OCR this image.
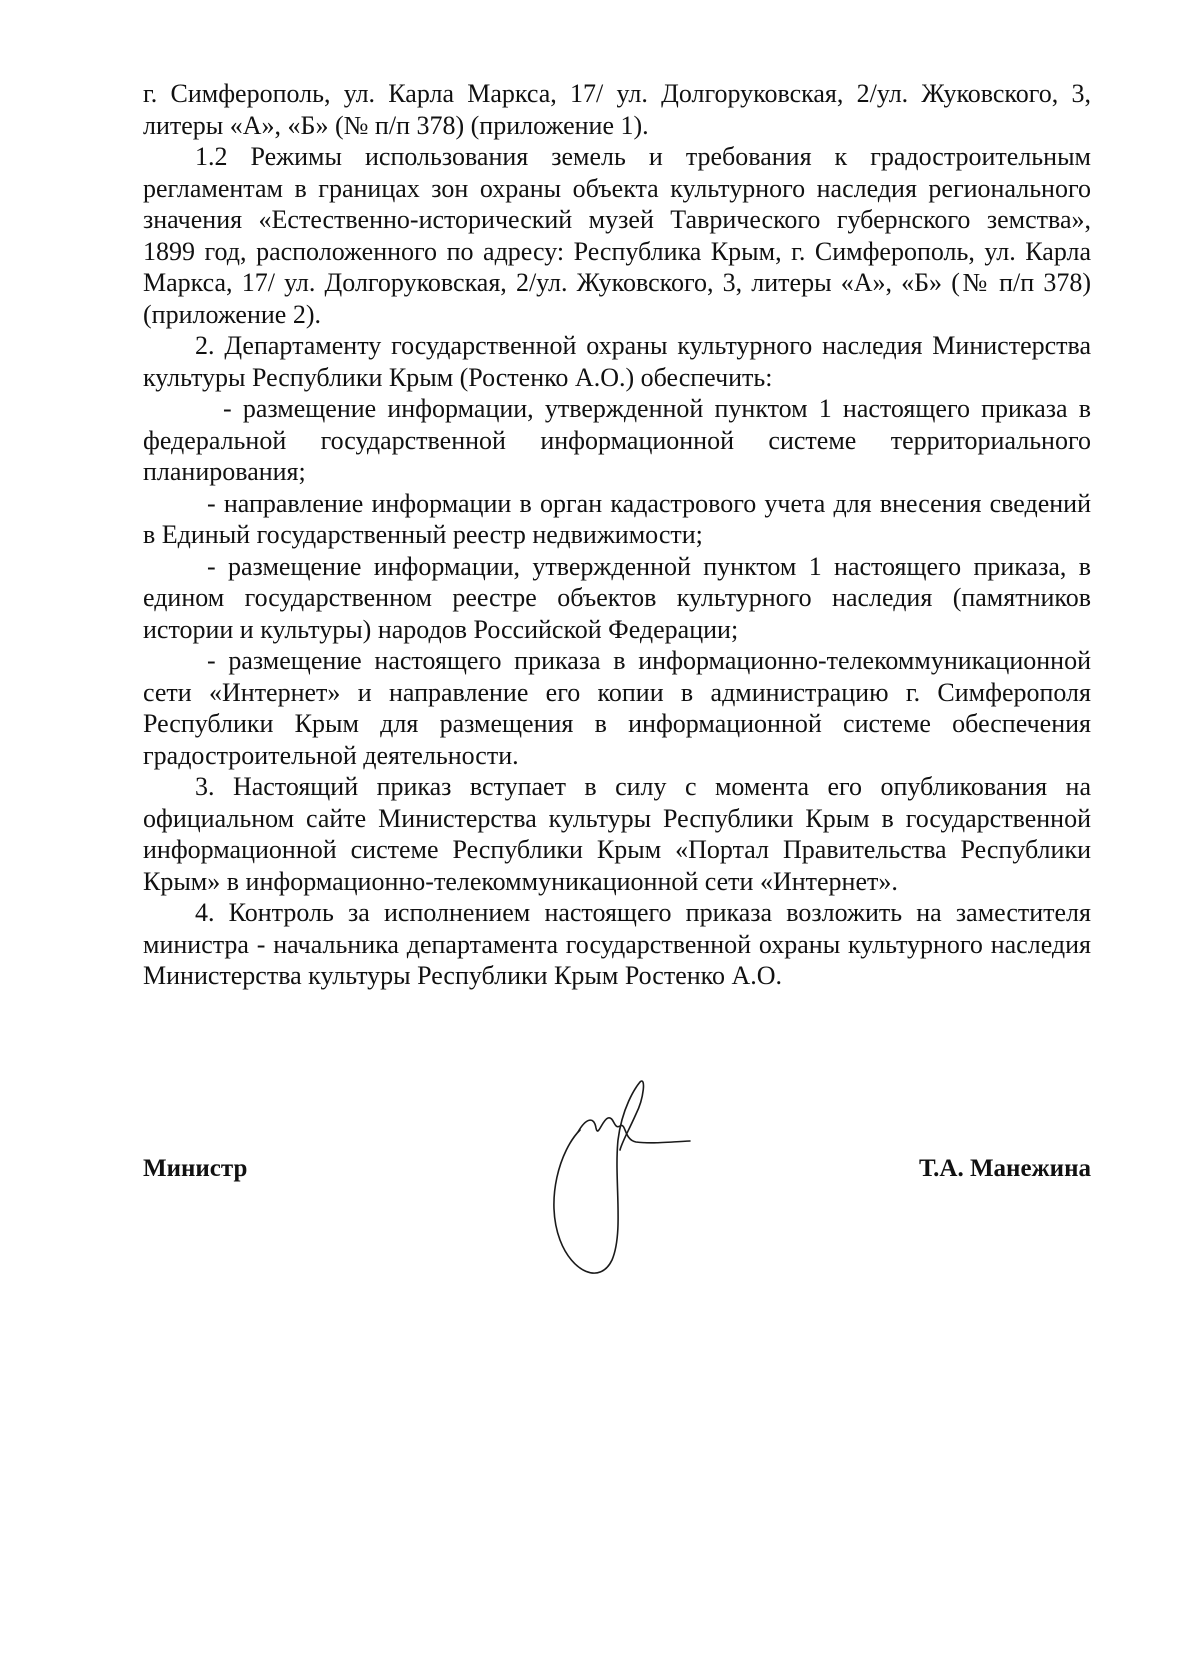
г. Симферополь, ул. Карла Маркса, 17/ ул. Долгоруковская, 2/ул. Жуковского, 3, литеры «А», «Б» (№ п/п 378) (приложение 1).

1.2 Режимы использования земель и требования к градостроительным регламентам в границах зон охраны объекта культурного наследия регионального значения «Естественно-исторический музей Таврического губернского земства», 1899 год, расположенного по адресу: Республика Крым, г. Симферополь, ул. Карла Маркса, 17/ ул. Долгоруковская, 2/ул. Жуковского, 3, литеры «А», «Б» (№ п/п 378) (приложение 2).

2. Департаменту государственной охраны культурного наследия Министерства культуры Республики Крым (Ростенко А.О.) обеспечить:

- размещение информации, утвержденной пунктом 1 настоящего приказа в федеральной государственной информационной системе территориального планирования;

- направление информации в орган кадастрового учета для внесения сведений в Единый государственный реестр недвижимости;

- размещение информации, утвержденной пунктом 1 настоящего приказа, в едином государственном реестре объектов культурного наследия (памятников истории и культуры) народов Российской Федерации;

- размещение настоящего приказа в информационно-телекоммуникационной сети «Интернет» и направление его копии в администрацию г. Симферополя Республики Крым для размещения в информационной системе обеспечения градостроительной деятельности.

3. Настоящий приказ вступает в силу с момента его опубликования на официальном сайте Министерства культуры Республики Крым в государственной информационной системе Республики Крым «Портал Правительства Республики Крым» в информационно-телекоммуникационной сети «Интернет».

4. Контроль за исполнением настоящего приказа возложить на заместителя министра - начальника департамента государственной охраны культурного наследия Министерства культуры Республики Крым Ростенко А.О.

Министр	Т.А. Манежина
